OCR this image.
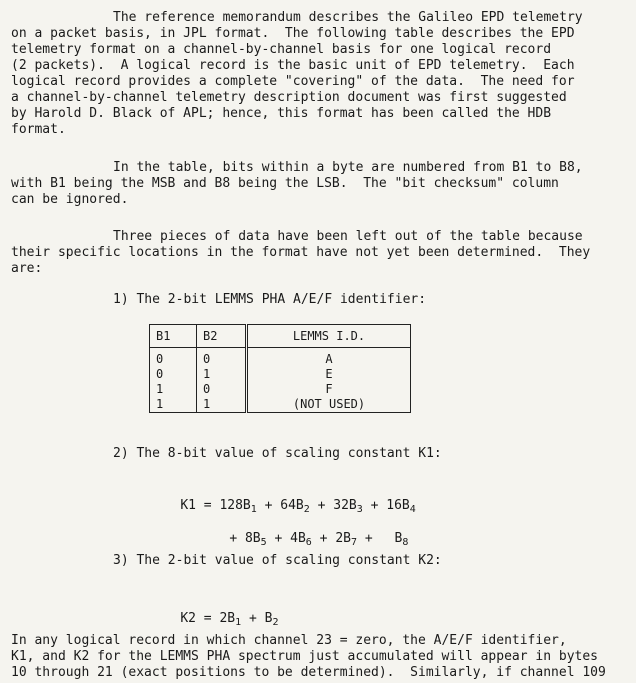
The reference memorandum describes the Galileo EPD telemetry
on a packet basis, in JPL format.  The following table describes the EPD
telemetry format on a channel-by-channel basis for one logical record
(2 packets).  A logical record is the basic unit of EPD telemetry.  Each
logical record provides a complete "covering" of the data.  The need for
a channel-by-channel telemetry description document was first suggested
by Harold D. Black of APL; hence, this format has been called the HDB
format.
In the table, bits within a byte are numbered from B1 to B8,
with B1 being the MSB and B8 being the LSB.  The "bit checksum" column
can be ignored.
Three pieces of data have been left out of the table because
their specific locations in the format have not yet been determined.  They
are:
1) The 2-bit LEMMS PHA A/E/F identifier:
B1	B2	LEMMS I.D.
0	0	A
0	1	E
1	0	F
1	1	(NOT USED)
2) The 8-bit value of scaling constant K1:

$K1 = 128B_1 + 64B_2 + 32B_3 + 16B_4$

+ $8B_5 + 4B_6 + 2B_7 + B_8$

3) The 2-bit value of scaling constant K2:

$K2 = 2B_1 + B_2$

In any logical record in which channel 23 = zero, the A/E/F identifier,
K1, and K2 for the LEMMS PHA spectrum just accumulated will appear in bytes
10 through 21 (exact positions to be determined).  Similarly, if channel 109
